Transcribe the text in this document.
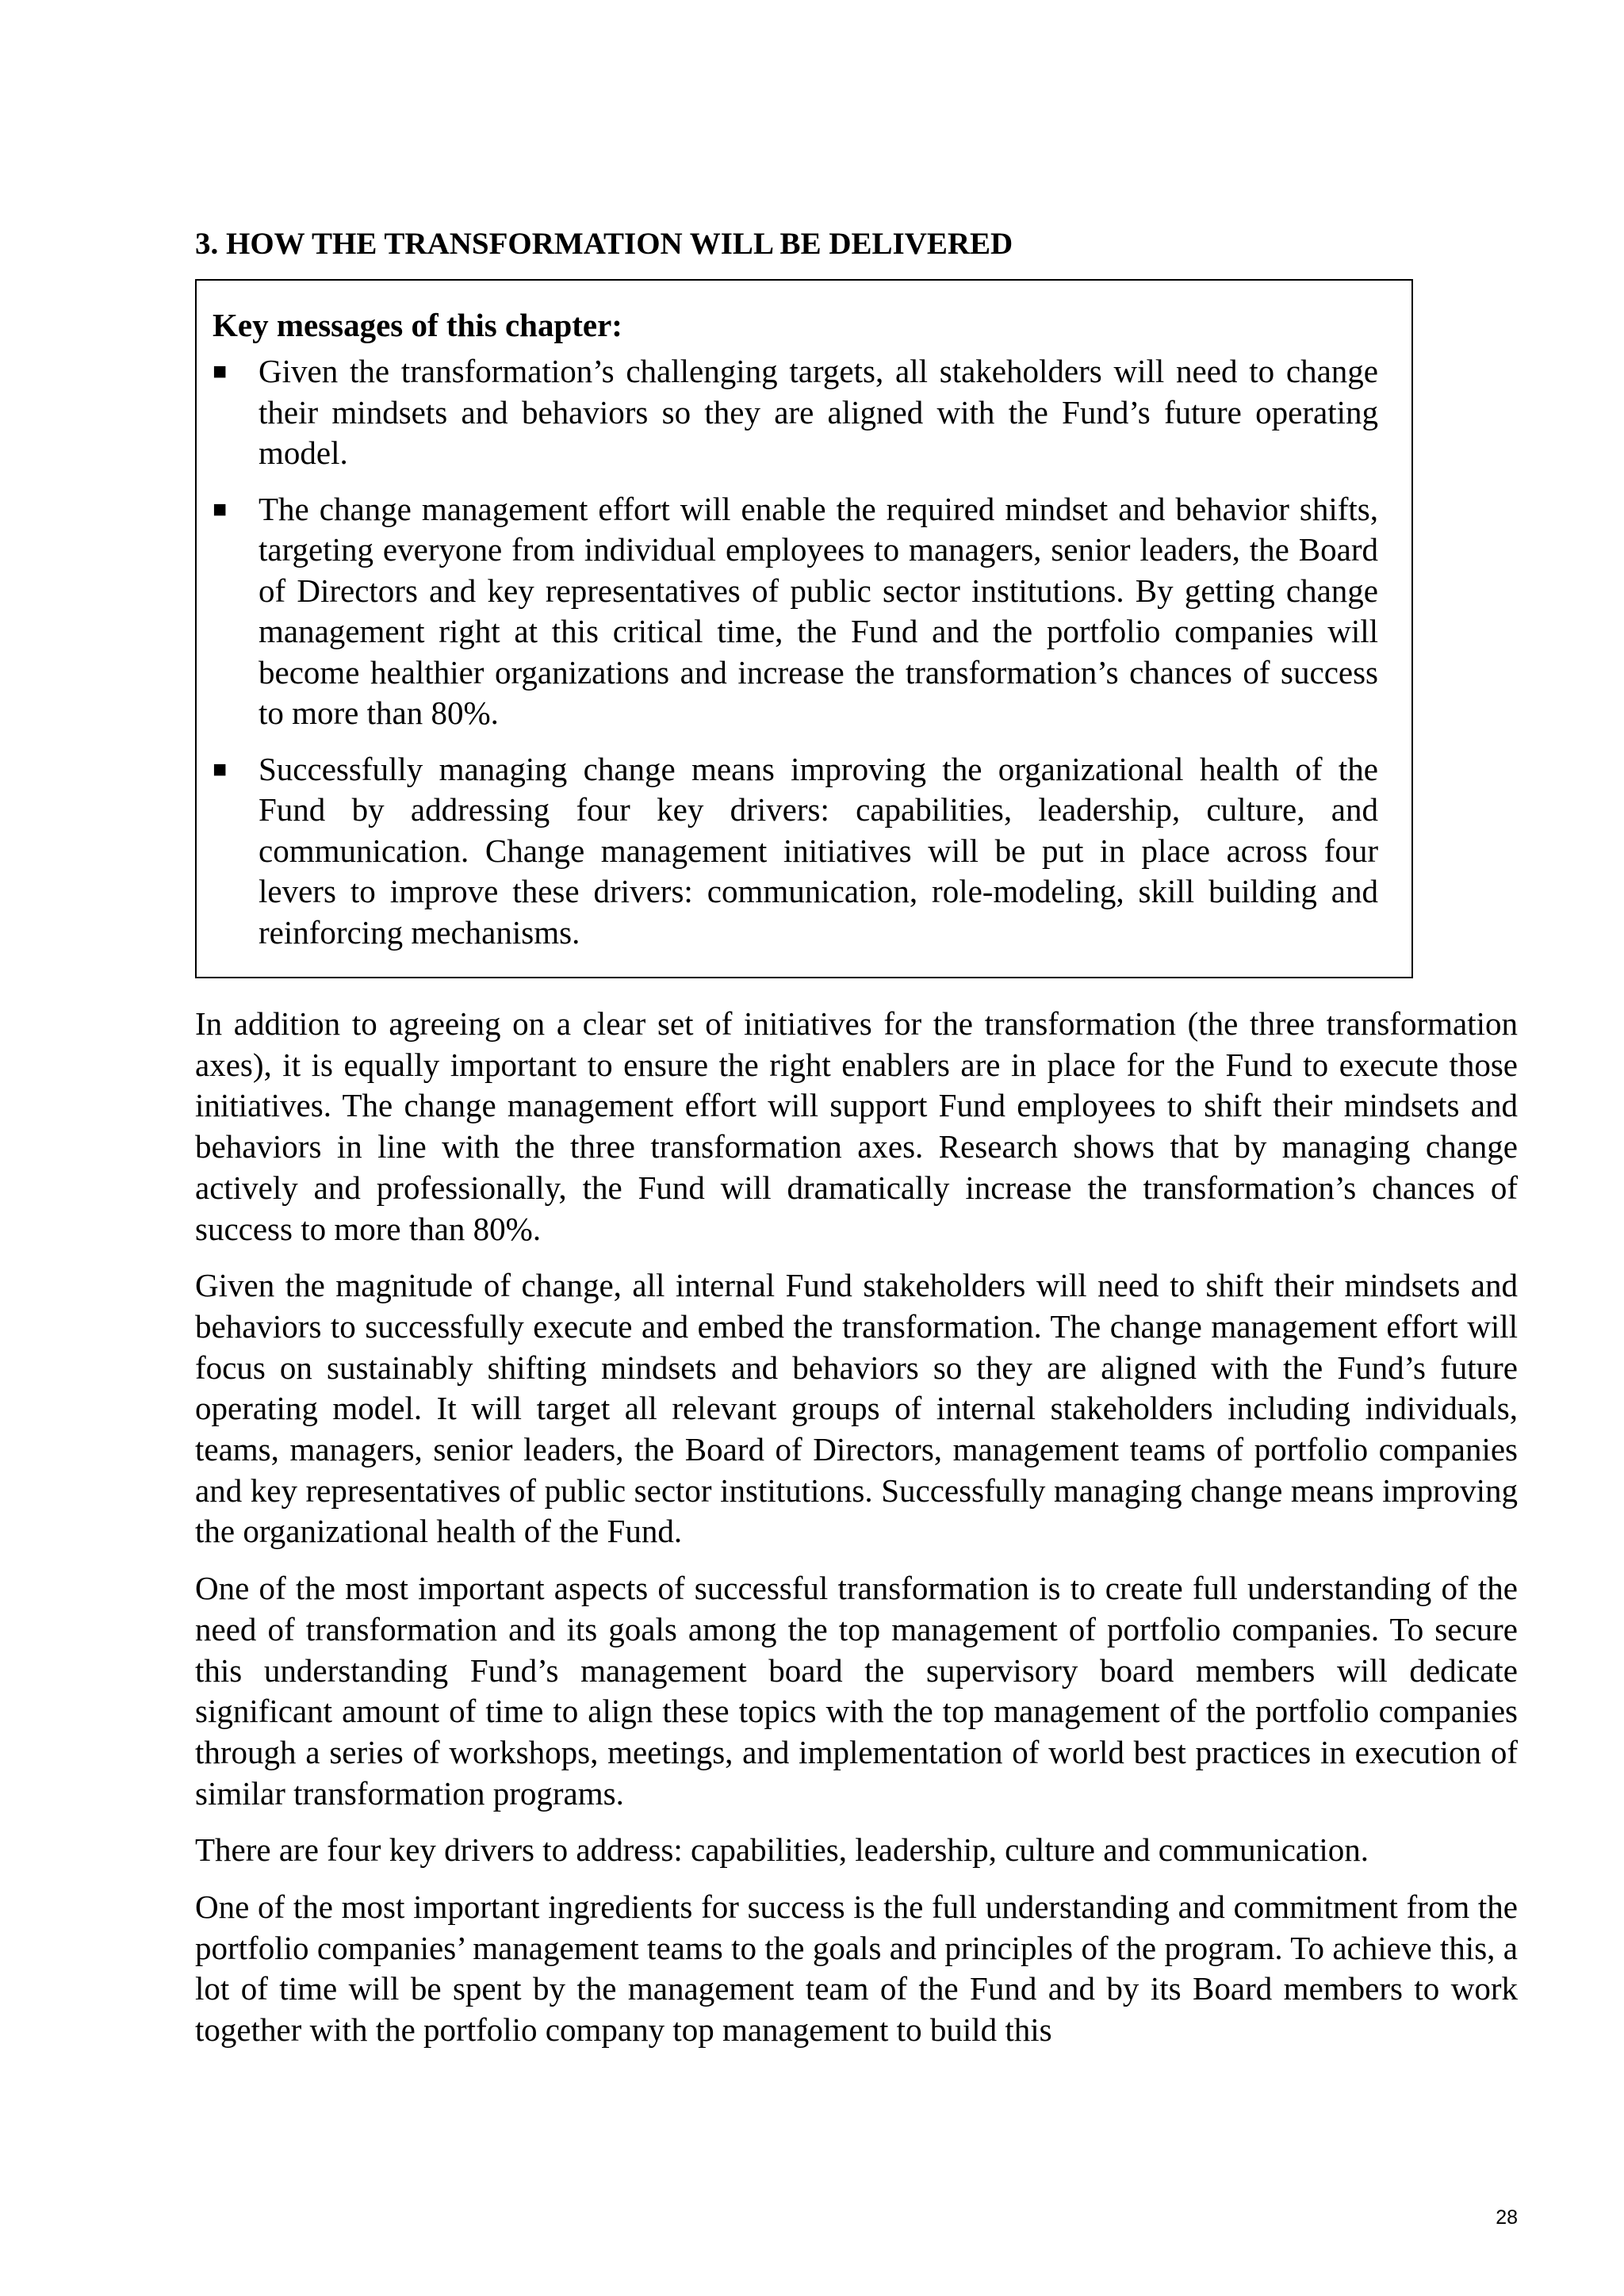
3. HOW THE TRANSFORMATION WILL BE DELIVERED

Key messages of this chapter:

■ Given the transformation’s challenging targets, all stakeholders will need to change their mindsets and behaviors so they are aligned with the Fund’s future operating model.
■ The change management effort will enable the required mindset and behavior shifts, targeting everyone from individual employees to managers, senior leaders, the Board of Directors and key representatives of public sector institutions. By getting change management right at this critical time, the Fund and the portfolio companies will become healthier organizations and increase the transformation’s chances of success to more than 80%.
■ Successfully managing change means improving the organizational health of the Fund by addressing four key drivers: capabilities, leadership, culture, and communication. Change management initiatives will be put in place across four levers to improve these drivers: communication, role-modeling, skill building and reinforcing mechanisms.

In addition to agreeing on a clear set of initiatives for the transformation (the three transformation axes), it is equally important to ensure the right enablers are in place for the Fund to execute those initiatives. The change management effort will support Fund employees to shift their mindsets and behaviors in line with the three transformation axes. Research shows that by managing change actively and professionally, the Fund will dramatically increase the transformation’s chances of success to more than 80%.

Given the magnitude of change, all internal Fund stakeholders will need to shift their mindsets and behaviors to successfully execute and embed the transformation. The change management effort will focus on sustainably shifting mindsets and behaviors so they are aligned with the Fund’s future operating model. It will target all relevant groups of internal stakeholders including individuals, teams, managers, senior leaders, the Board of Directors, management teams of portfolio companies and key representatives of public sector institutions. Successfully managing change means improving the organizational health of the Fund.

One of the most important aspects of successful transformation is to create full understanding of the need of transformation and its goals among the top management of portfolio companies. To secure this understanding Fund’s management board the supervisory board members will dedicate significant amount of time to align these topics with the top management of the portfolio companies through a series of workshops, meetings, and implementation of world best practices in execution of similar transformation programs.

There are four key drivers to address: capabilities, leadership, culture and communication.

One of the most important ingredients for success is the full understanding and commitment from the portfolio companies’ management teams to the goals and principles of the program. To achieve this, a lot of time will be spent by the management team of the Fund and by its Board members to work together with the portfolio company top management to build this

28
